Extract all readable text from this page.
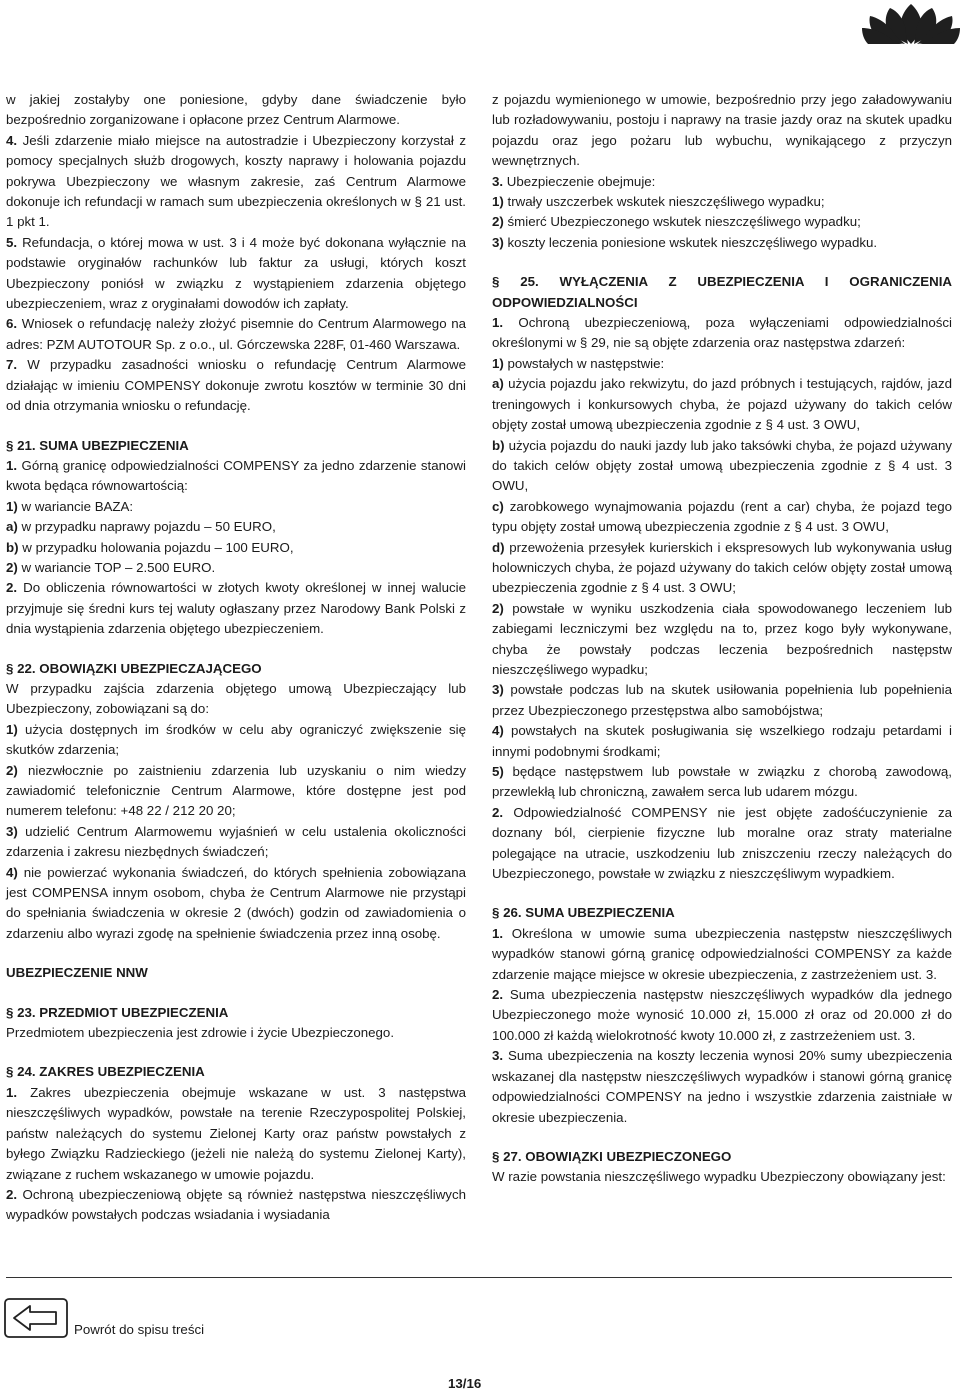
w jakiej zostałyby one poniesione, gdyby dane świadczenie było bezpośrednio zorganizowane i opłacone przez Centrum Alarmowe.

4. Jeśli zdarzenie miało miejsce na autostradzie i Ubezpieczony korzystał z pomocy specjalnych służb drogowych, koszty naprawy i holowania pojazdu pokrywa Ubezpieczony we własnym zakresie, zaś Centrum Alarmowe dokonuje ich refundacji w ramach sum ubezpieczenia określonych w § 21 ust. 1 pkt 1.

5. Refundacja, o której mowa w ust. 3 i 4 może być dokonana wyłącznie na podstawie oryginałów rachunków lub faktur za usługi, których koszt Ubezpieczony poniósł w związku z wystąpieniem zdarzenia objętego ubezpieczeniem, wraz z oryginałami dowodów ich zapłaty.

6. Wniosek o refundację należy złożyć pisemnie do Centrum Alarmowego na adres: PZM AUTOTOUR Sp. z o.o., ul. Górczewska 228F, 01-460 Warszawa.

7. W przypadku zasadności wniosku o refundację Centrum Alarmowe działając w imieniu COMPENSY dokonuje zwrotu kosztów w terminie 30 dni od dnia otrzymania wniosku o refundację.

§ 21. SUMA UBEZPIECZENIA

1. Górną granicę odpowiedzialności COMPENSY za jedno zdarzenie stanowi kwota będąca równowartością:

1) w wariancie BAZA:

a) w przypadku naprawy pojazdu – 50 EURO,

b) w przypadku holowania pojazdu – 100 EURO,

2) w wariancie TOP – 2.500 EURO.

2. Do obliczenia równowartości w złotych kwoty określonej w innej walucie przyjmuje się średni kurs tej waluty ogłaszany przez Narodowy Bank Polski z dnia wystąpienia zdarzenia objętego ubezpieczeniem.

§ 22. OBOWIĄZKI UBEZPIECZAJĄCEGO

W przypadku zajścia zdarzenia objętego umową Ubezpieczający lub Ubezpieczony, zobowiązani są do:

1) użycia dostępnych im środków w celu aby ograniczyć zwiększenie się skutków zdarzenia;

2) niezwłocznie po zaistnieniu zdarzenia lub uzyskaniu o nim wiedzy zawiadomić telefonicznie Centrum Alarmowe, które dostępne jest pod numerem telefonu: +48 22 / 212 20 20;

3) udzielić Centrum Alarmowemu wyjaśnień w celu ustalenia okoliczności zdarzenia i zakresu niezbędnych świadczeń;

4) nie powierzać wykonania świadczeń, do których spełnienia zobowiązana jest COMPENSA innym osobom, chyba że Centrum Alarmowe nie przystąpi do spełniania świadczenia w okresie 2 (dwóch) godzin od zawiadomienia o zdarzeniu albo wyrazi zgodę na spełnienie świadczenia przez inną osobę.

UBEZPIECZENIE NNW
§ 23. PRZEDMIOT UBEZPIECZENIA

Przedmiotem ubezpieczenia jest zdrowie i życie Ubezpieczonego.

§ 24. ZAKRES UBEZPIECZENIA

1. Zakres ubezpieczenia obejmuje wskazane w ust. 3 następstwa nieszczęśliwych wypadków, powstałe na terenie Rzeczypospolitej Polskiej, państw należących do systemu Zielonej Karty oraz państw powstałych z byłego Związku Radzieckiego (jeżeli nie należą do systemu Zielonej Karty), związane z ruchem wskazanego w umowie pojazdu.

2. Ochroną ubezpieczeniową objęte są również następstwa nieszczęśliwych wypadków powstałych podczas wsiadania i wysiadania

z pojazdu wymienionego w umowie, bezpośrednio przy jego załadowywaniu lub rozładowywaniu, postoju i naprawy na trasie jazdy oraz na skutek upadku pojazdu oraz jego pożaru lub wybuchu, wynikającego z przyczyn wewnętrznych.

3. Ubezpieczenie obejmuje:

1) trwały uszczerbek wskutek nieszczęśliwego wypadku;

2) śmierć Ubezpieczonego wskutek nieszczęśliwego wypadku;

3) koszty leczenia poniesione wskutek nieszczęśliwego wypadku.

§ 25. WYŁĄCZENIA Z UBEZPIECZENIA I OGRANICZENIA ODPOWIEDZIALNOŚCI

1. Ochroną ubezpieczeniową, poza wyłączeniami odpowiedzialności określonymi w § 29, nie są objęte zdarzenia oraz następstwa zdarzeń:

1) powstałych w następstwie:

a) użycia pojazdu jako rekwizytu, do jazd próbnych i testujących, rajdów, jazd treningowych i konkursowych chyba, że pojazd używany do takich celów objęty został umową ubezpieczenia zgodnie z § 4 ust. 3 OWU,

b) użycia pojazdu do nauki jazdy lub jako taksówki chyba, że pojazd używany do takich celów objęty został umową ubezpieczenia zgodnie z § 4 ust. 3 OWU,

c) zarobkowego wynajmowania pojazdu (rent a car) chyba, że pojazd tego typu objęty został umową ubezpieczenia zgodnie z § 4 ust. 3 OWU,

d) przewożenia przesyłek kurierskich i ekspresowych lub wykonywania usług holowniczych chyba, że pojazd używany do takich celów objęty został umową ubezpieczenia zgodnie z § 4 ust. 3 OWU;

2) powstałe w wyniku uszkodzenia ciała spowodowanego leczeniem lub zabiegami leczniczymi bez względu na to, przez kogo były wykonywane, chyba że powstały podczas leczenia bezpośrednich następstw nieszczęśliwego wypadku;

3) powstałe podczas lub na skutek usiłowania popełnienia lub popełnienia przez Ubezpieczonego przestępstwa albo samobójstwa;

4) powstałych na skutek posługiwania się wszelkiego rodzaju petardami i innymi podobnymi środkami;

5) będące następstwem lub powstałe w związku z chorobą zawodową, przewlekłą lub chroniczną, zawałem serca lub udarem mózgu.

2. Odpowiedzialność COMPENSY nie jest objęte zadośćuczynienie za doznany ból, cierpienie fizyczne lub moralne oraz straty materialne polegające na utracie, uszkodzeniu lub zniszczeniu rzeczy należących do Ubezpieczonego, powstałe w związku z nieszczęśliwym wypadkiem.

§ 26. SUMA UBEZPIECZENIA

1. Określona w umowie suma ubezpieczenia następstw nieszczęśliwych wypadków stanowi górną granicę odpowiedzialności COMPENSY za każde zdarzenie mające miejsce w okresie ubezpieczenia, z zastrzeżeniem ust. 3.

2. Suma ubezpieczenia następstw nieszczęśliwych wypadków dla jednego Ubezpieczonego może wynosić 10.000 zł, 15.000 zł oraz od 20.000 zł do 100.000 zł każdą wielokrotność kwoty 10.000 zł, z zastrzeżeniem ust. 3.

3. Suma ubezpieczenia na koszty leczenia wynosi 20% sumy ubezpieczenia wskazanej dla następstw nieszczęśliwych wypadków i stanowi górną granicę odpowiedzialności COMPENSY na jedno i wszystkie zdarzenia zaistniałe w okresie ubezpieczenia.

§ 27. OBOWIĄZKI UBEZPIECZONEGO

W razie powstania nieszczęśliwego wypadku Ubezpieczony obowiązany jest:

Powrót do spisu treści
13/16
